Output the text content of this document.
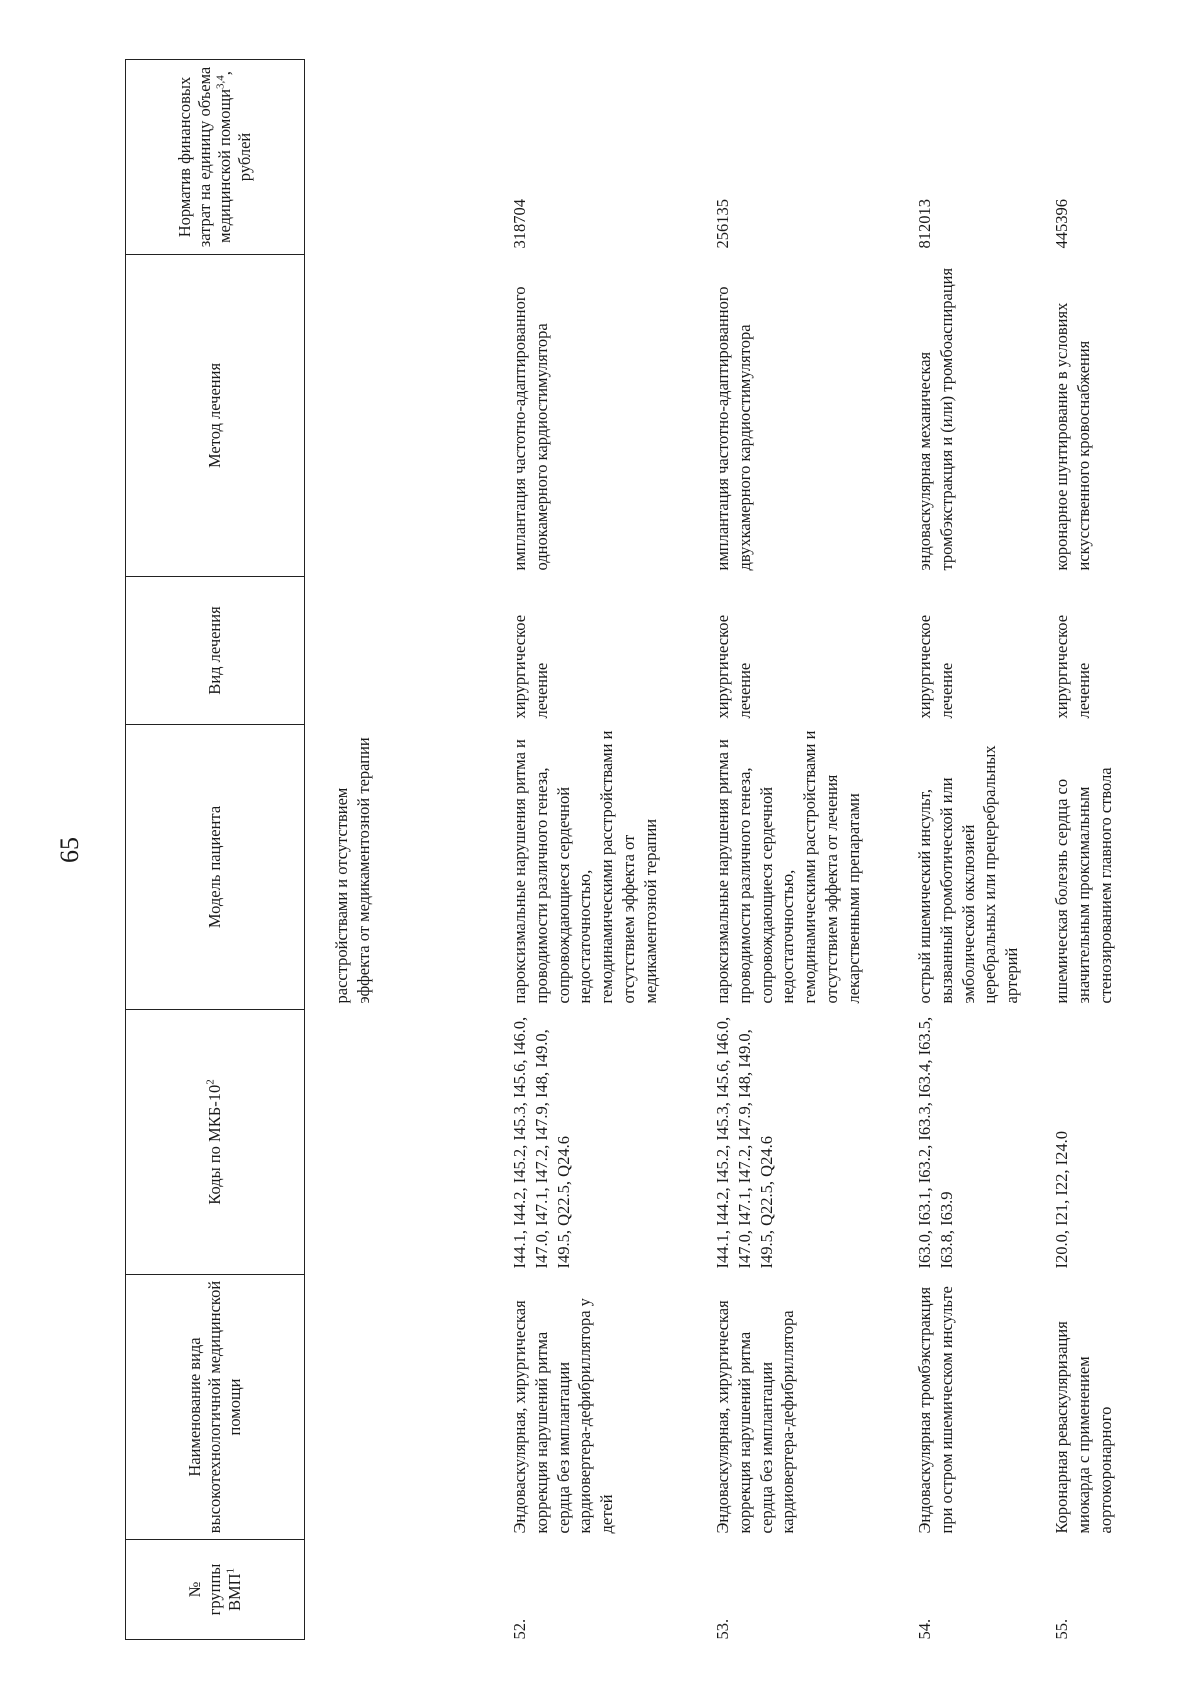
65
№ группы ВМП$^1$	Наименование вида высокотехнологичной медицинской помощи	Коды по МКБ-$10^2$	Модель пациента	Вид лечения	Метод лечения	Норматив финансовых затрат на единицу объема медицинской помощи$^{3,4}$, рублей
			расстройствами и отсутствием эффекта от медикаментозной терапии			
52.	Эндоваскулярная, хирургическая коррекция нарушений ритма сердца без имплантации кардиовертера-дефибриллятора у детей	I44.1, I44.2, I45.2, I45.3, I45.6, I46.0, I47.0, I47.1, I47.2, I47.9, I48, I49.0, I49.5, Q22.5, Q24.6	пароксизмальные нарушения ритма и проводимости различного генеза, сопровождающиеся сердечной недостаточностью, гемодинамическими расстройствами и отсутствием эффекта от медикаментозной терапии	хирургическое лечение	имплантация частотно-адаптированного однокамерного кардиостимулятора	318704
53.	Эндоваскулярная, хирургическая коррекция нарушений ритма сердца без имплантации кардиовертера-дефибриллятора	I44.1, I44.2, I45.2, I45.3, I45.6, I46.0, I47.0, I47.1, I47.2, I47.9, I48, I49.0, I49.5, Q22.5, Q24.6	пароксизмальные нарушения ритма и проводимости различного генеза, сопровождающиеся сердечной недостаточностью, гемодинамическими расстройствами и отсутствием эффекта от лечения лекарственными препаратами	хирургическое лечение	имплантация частотно-адаптированного двухкамерного кардиостимулятора	256135
54.	Эндоваскулярная тромбэкстракция при остром ишемическом инсульте	I63.0, I63.1, I63.2, I63.3, I63.4, I63.5, I63.8, I63.9	острый ишемический инсульт, вызванный тромботической или эмболической окклюзией церебральных или прецеребральных артерий	хирургическое лечение	эндоваскулярная механическая тромбэкстракция и (или) тромбоаспирация	812013
55.	Коронарная реваскуляризация миокарда с применением аортокоронарного	I20.0, I21, I22, I24.0	ишемическая болезнь сердца со значительным проксимальным стенозированием главного ствола	хирургическое лечение	коронарное шунтирование в условиях искусственного кровоснабжения	445396
